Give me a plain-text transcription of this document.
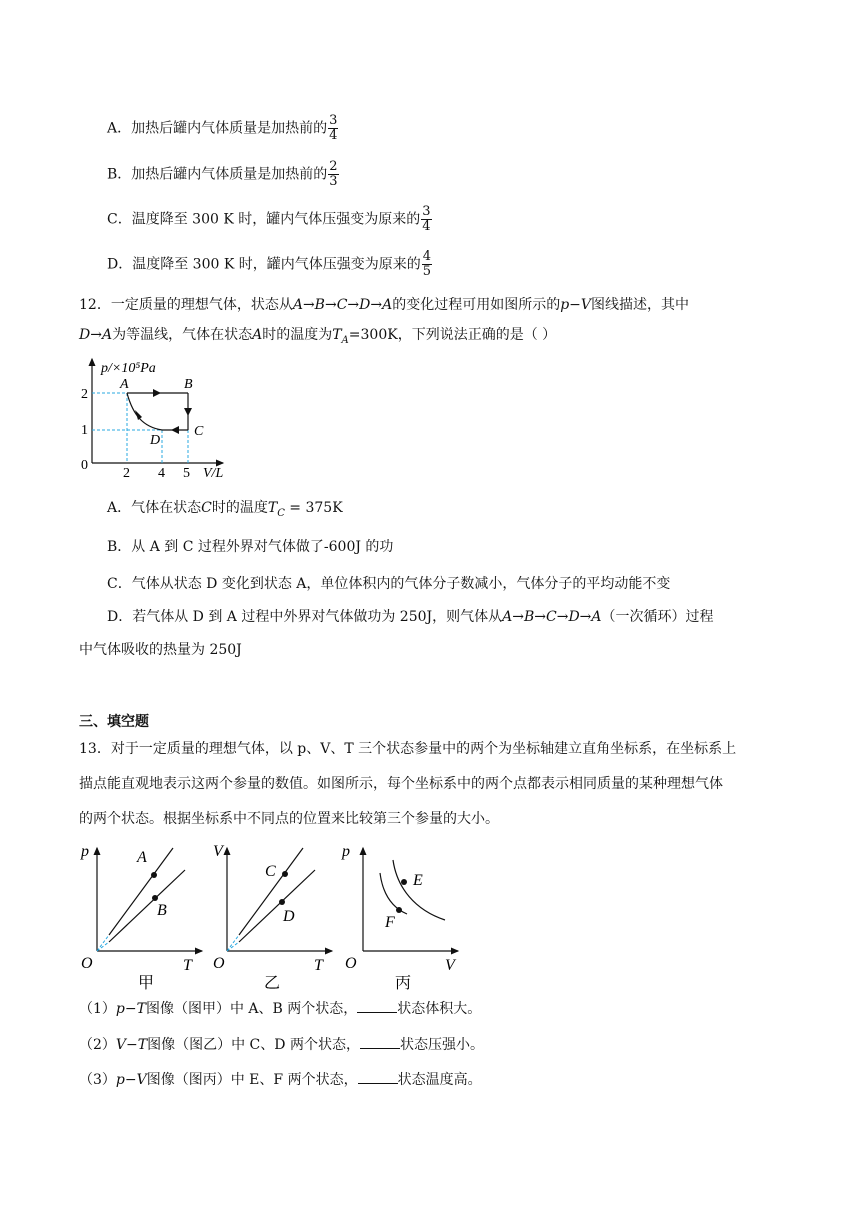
A．加热后罐内气体质量是加热前的 $\frac{3}{4}$
B．加热后罐内气体质量是加热前的 $\frac{2}{3}$
C．温度降至 300 K 时，罐内气体压强变为原来的 $\frac{3}{4}$
D．温度降至 300 K 时，罐内气体压强变为原来的 $\frac{4}{5}$
12．一定质量的理想气体，状态从A→B→C→D→A的变化过程可用如图所示的p−V图线描述，其中
D→A为等温线，气体在状态A时的温度为$T_A=300K$，下列说法正确的是（ ）
p/×10⁵Pa
V/L
0
2
1
2 4 5
A	B
C
D
A．气体在状态C时的温度$T_C = 375K$
B．从 A 到 C 过程外界对气体做了-600J 的功
C．气体从状态 D 变化到状态 A，单位体积内的气体分子数减小，气体分子的平均动能不变
D．若气体从 D 到 A 过程中外界对气体做功为 250J，则气体从A→B→C→D→A（一次循环）过程
中气体吸收的热量为 250J
三、填空题
13．对于一定质量的理想气体，以 p、V、T 三个状态参量中的两个为坐标轴建立直角坐标系，在坐标系上
描点能直观地表示这两个参量的数值。如图所示，每个坐标系中的两个点都表示相同质量的某种理想气体
的两个状态。根据坐标系中不同点的位置来比较第三个参量的大小。
p
T
O
A
B
甲
V
T
O
C
D
乙
p
V
O
E
F
丙
（1）p−T图像（图甲）中 A、B 两个状态，	状态体积大。
（2）V−T图像（图乙）中 C、D 两个状态，	状态压强小。
（3）p−V图像（图丙）中 E、F 两个状态，	状态温度高。
